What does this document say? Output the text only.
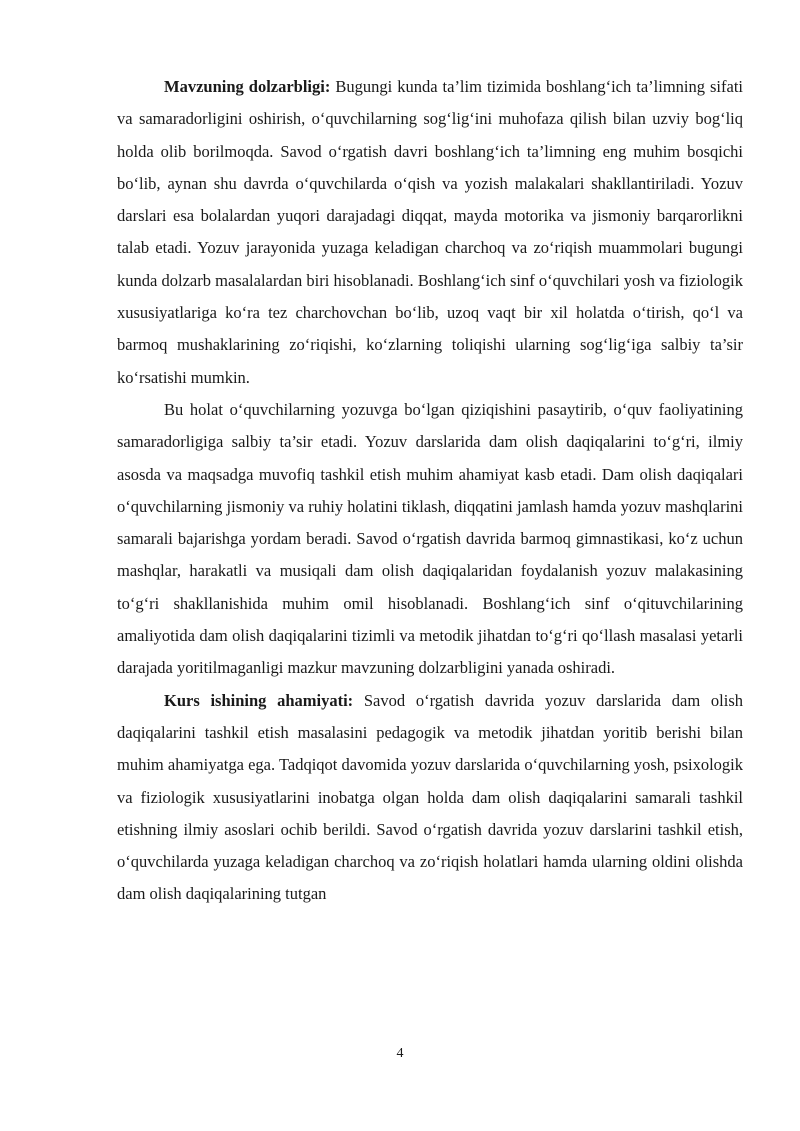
Mavzuning dolzarbligi: Bugungi kunda ta’lim tizimida boshlang‘ich ta’limning sifati va samaradorligini oshirish, o‘quvchilarning sog‘lig‘ini muhofaza qilish bilan uzviy bog‘liq holda olib borilmoqda. Savod o‘rgatish davri boshlang‘ich ta’limning eng muhim bosqichi bo‘lib, aynan shu davrda o‘quvchilarda o‘qish va yozish malakalari shakllantiriladi. Yozuv darslari esa bolalardan yuqori darajadagi diqqat, mayda motorika va jismoniy barqarorlikni talab etadi. Yozuv jarayonida yuzaga keladigan charchoq va zo‘riqish muammolari bugungi kunda dolzarb masalalardan biri hisoblanadi. Boshlang‘ich sinf o‘quvchilari yosh va fiziologik xususiyatlariga ko‘ra tez charchovchan bo‘lib, uzoq vaqt bir xil holatda o‘tirish, qo‘l va barmoq mushaklarining zo‘riqishi, ko‘zlarning toliqishi ularning sog‘lig‘iga salbiy ta’sir ko‘rsatishi mumkin.

Bu holat o‘quvchilarning yozuvga bo‘lgan qiziqishini pasaytirib, o‘quv faoliyatining samaradorligiga salbiy ta’sir etadi. Yozuv darslarida dam olish daqiqalarini to‘g‘ri, ilmiy asosda va maqsadga muvofiq tashkil etish muhim ahamiyat kasb etadi. Dam olish daqiqalari o‘quvchilarning jismoniy va ruhiy holatini tiklash, diqqatini jamlash hamda yozuv mashqlarini samarali bajarishga yordam beradi. Savod o‘rgatish davrida barmoq gimnastikasi, ko‘z uchun mashqlar, harakatli va musiqali dam olish daqiqalaridan foydalanish yozuv malakasining to‘g‘ri shakllanishida muhim omil hisoblanadi. Boshlang‘ich sinf o‘qituvchilarining amaliyotida dam olish daqiqalarini tizimli va metodik jihatdan to‘g‘ri qo‘llash masalasi yetarli darajada yoritilmaganligi mazkur mavzuning dolzarbligini yanada oshiradi.

Kurs ishining ahamiyati: Savod o‘rgatish davrida yozuv darslarida dam olish daqiqalarini tashkil etish masalasini pedagogik va metodik jihatdan yoritib berishi bilan muhim ahamiyatga ega. Tadqiqot davomida yozuv darslarida o‘quvchilarning yosh, psixologik va fiziologik xususiyatlarini inobatga olgan holda dam olish daqiqalarini samarali tashkil etishning ilmiy asoslari ochib berildi. Savod o‘rgatish davrida yozuv darslarini tashkil etish, o‘quvchilarda yuzaga keladigan charchoq va zo‘riqish holatlari hamda ularning oldini olishda dam olish daqiqalarining tutgan

4
